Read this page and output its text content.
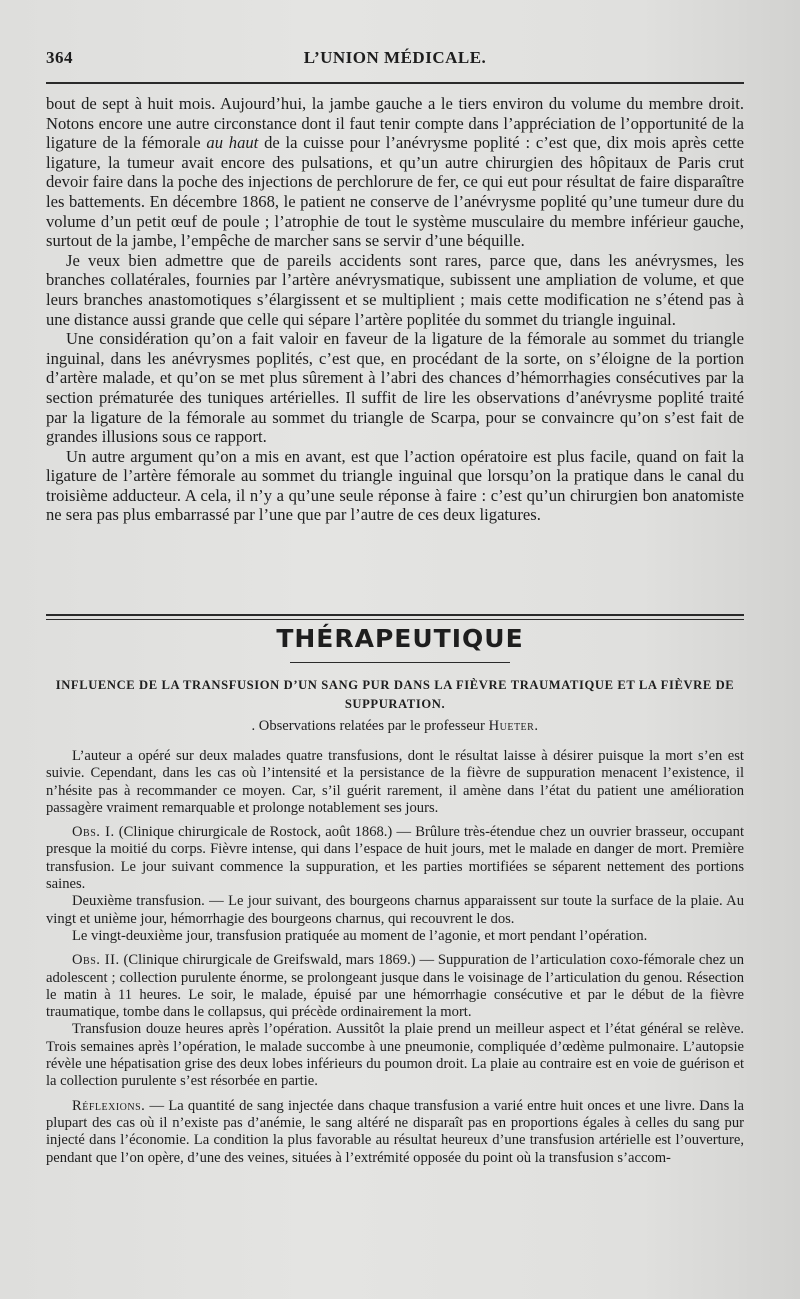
364	L’UNION MÉDICALE.

bout de sept à huit mois. Aujourd’hui, la jambe gauche a le tiers environ du volume du membre droit. Notons encore une autre circonstance dont il faut tenir compte dans l’appréciation de l’opportunité de la ligature de la fémorale au haut de la cuisse pour l’anévrysme poplité : c’est que, dix mois après cette ligature, la tumeur avait encore des pulsations, et qu’un autre chirurgien des hôpitaux de Paris crut devoir faire dans la poche des injections de perchlorure de fer, ce qui eut pour résultat de faire disparaître les battements. En décembre 1868, le patient ne conserve de l’anévrysme poplité qu’une tumeur dure du volume d’un petit œuf de poule ; l’atrophie de tout le système musculaire du membre inférieur gauche, surtout de la jambe, l’empêche de marcher sans se servir d’une béquille.

Je veux bien admettre que de pareils accidents sont rares, parce que, dans les anévrysmes, les branches collatérales, fournies par l’artère anévrysmatique, subissent une ampliation de volume, et que leurs branches anastomotiques s’élargissent et se multiplient ; mais cette modification ne s’étend pas à une distance aussi grande que celle qui sépare l’artère poplitée du sommet du triangle inguinal.

Une considération qu’on a fait valoir en faveur de la ligature de la fémorale au sommet du triangle inguinal, dans les anévrysmes poplités, c’est que, en procédant de la sorte, on s’éloigne de la portion d’artère malade, et qu’on se met plus sûrement à l’abri des chances d’hémorrhagies consécutives par la section prématurée des tuniques artérielles. Il suffit de lire les observations d’anévrysme poplité traité par la ligature de la fémorale au sommet du triangle de Scarpa, pour se convaincre qu’on s’est fait de grandes illusions sous ce rapport.

Un autre argument qu’on a mis en avant, est que l’action opératoire est plus facile, quand on fait la ligature de l’artère fémorale au sommet du triangle inguinal que lorsqu’on la pratique dans le canal du troisième adducteur. A cela, il n’y a qu’une seule réponse à faire : c’est qu’un chirurgien bon anatomiste ne sera pas plus embarrassé par l’une que par l’autre de ces deux ligatures.

THÉRAPEUTIQUE
INFLUENCE DE LA TRANSFUSION D’UN SANG PUR DANS LA FIÈVRE TRAUMATIQUE ET LA FIÈVRE DE SUPPURATION.
. Observations relatées par le professeur Hueter.

L’auteur a opéré sur deux malades quatre transfusions, dont le résultat laisse à désirer puisque la mort s’en est suivie. Cependant, dans les cas où l’intensité et la persistance de la fièvre de suppuration menacent l’existence, il n’hésite pas à recommander ce moyen. Car, s’il guérit rarement, il amène dans l’état du patient une amélioration passagère vraiment remarquable et prolonge notablement ses jours.

Obs. I. (Clinique chirurgicale de Rostock, août 1868.) — Brûlure très-étendue chez un ouvrier brasseur, occupant presque la moitié du corps. Fièvre intense, qui dans l’espace de huit jours, met le malade en danger de mort. Première transfusion. Le jour suivant commence la suppuration, et les parties mortifiées se séparent nettement des portions saines.

Deuxième transfusion. — Le jour suivant, des bourgeons charnus apparaissent sur toute la surface de la plaie. Au vingt et unième jour, hémorrhagie des bourgeons charnus, qui recouvrent le dos.

Le vingt-deuxième jour, transfusion pratiquée au moment de l’agonie, et mort pendant l’opération.

Obs. II. (Clinique chirurgicale de Greifswald, mars 1869.) — Suppuration de l’articulation coxo-fémorale chez un adolescent ; collection purulente énorme, se prolongeant jusque dans le voisinage de l’articulation du genou. Résection le matin à 11 heures. Le soir, le malade, épuisé par une hémorrhagie consécutive et par le début de la fièvre traumatique, tombe dans le collapsus, qui précède ordinairement la mort.

Transfusion douze heures après l’opération. Aussitôt la plaie prend un meilleur aspect et l’état général se relève. Trois semaines après l’opération, le malade succombe à une pneumonie, compliquée d’œdème pulmonaire. L’autopsie révèle une hépatisation grise des deux lobes inférieurs du poumon droit. La plaie au contraire est en voie de guérison et la collection purulente s’est résorbée en partie.

Réflexions. — La quantité de sang injectée dans chaque transfusion a varié entre huit onces et une livre. Dans la plupart des cas où il n’existe pas d’anémie, le sang altéré ne disparaît pas en proportions égales à celles du sang pur injecté dans l’économie. La condition la plus favorable au résultat heureux d’une transfusion artérielle est l’ouverture, pendant que l’on opère, d’une des veines, situées à l’extrémité opposée du point où la transfusion s’accom-
